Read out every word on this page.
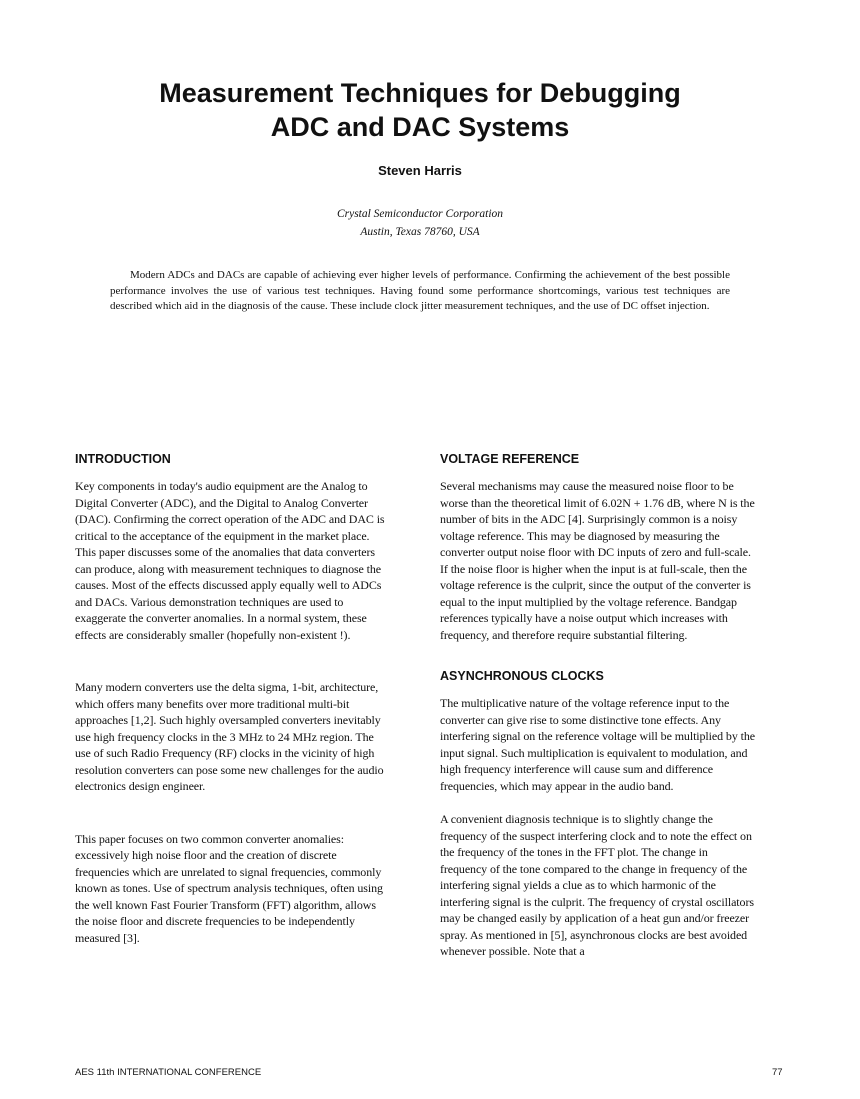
Measurement Techniques for Debugging
ADC and DAC Systems
Steven Harris
Crystal Semiconductor Corporation
Austin, Texas 78760, USA

Modern ADCs and DACs are capable of achieving ever higher levels of performance. Confirming the achievement of the best possible performance involves the use of various test techniques. Having found some performance shortcomings, various test techniques are described which aid in the diagnosis of the cause. These include clock jitter measurement techniques, and the use of DC offset injection.

INTRODUCTION

Key components in today's audio equipment are the Analog to Digital Converter (ADC), and the Digital to Analog Converter (DAC). Confirming the correct operation of the ADC and DAC is critical to the acceptance of the equipment in the market place. This paper discusses some of the anomalies that data converters can produce, along with measurement techniques to diagnose the causes. Most of the effects discussed apply equally well to ADCs and DACs. Various demonstration techniques are used to exaggerate the converter anomalies. In a normal system, these effects are considerably smaller (hopefully non-existent !).

Many modern converters use the delta sigma, 1-bit, architecture, which offers many benefits over more traditional multi-bit approaches [1,2]. Such highly oversampled converters inevitably use high frequency clocks in the 3 MHz to 24 MHz region. The use of such Radio Frequency (RF) clocks in the vicinity of high resolution converters can pose some new challenges for the audio electronics design engineer.

This paper focuses on two common converter anomalies: excessively high noise floor and the creation of discrete frequencies which are unrelated to signal frequencies, commonly known as tones. Use of spectrum analysis techniques, often using the well known Fast Fourier Transform (FFT) algorithm, allows the noise floor and discrete frequencies to be independently measured [3].

VOLTAGE REFERENCE

Several mechanisms may cause the measured noise floor to be worse than the theoretical limit of 6.02N + 1.76 dB, where N is the number of bits in the ADC [4]. Surprisingly common is a noisy voltage reference. This may be diagnosed by measuring the converter output noise floor with DC inputs of zero and full-scale. If the noise floor is higher when the input is at full-scale, then the voltage reference is the culprit, since the output of the converter is equal to the input multiplied by the voltage reference. Bandgap references typically have a noise output which increases with frequency, and therefore require substantial filtering.

ASYNCHRONOUS CLOCKS

The multiplicative nature of the voltage reference input to the converter can give rise to some distinctive tone effects. Any interfering signal on the reference voltage will be multiplied by the input signal. Such multiplication is equivalent to modulation, and high frequency interference will cause sum and difference frequencies, which may appear in the audio band.

A convenient diagnosis technique is to slightly change the frequency of the suspect interfering clock and to note the effect on the frequency of the tones in the FFT plot. The change in frequency of the tone compared to the change in frequency of the interfering signal yields a clue as to which harmonic of the interfering signal is the culprit. The frequency of crystal oscillators may be changed easily by application of a heat gun and/or freezer spray. As mentioned in [5], asynchronous clocks are best avoided whenever possible. Note that a

AES 11th INTERNATIONAL CONFERENCE	77
